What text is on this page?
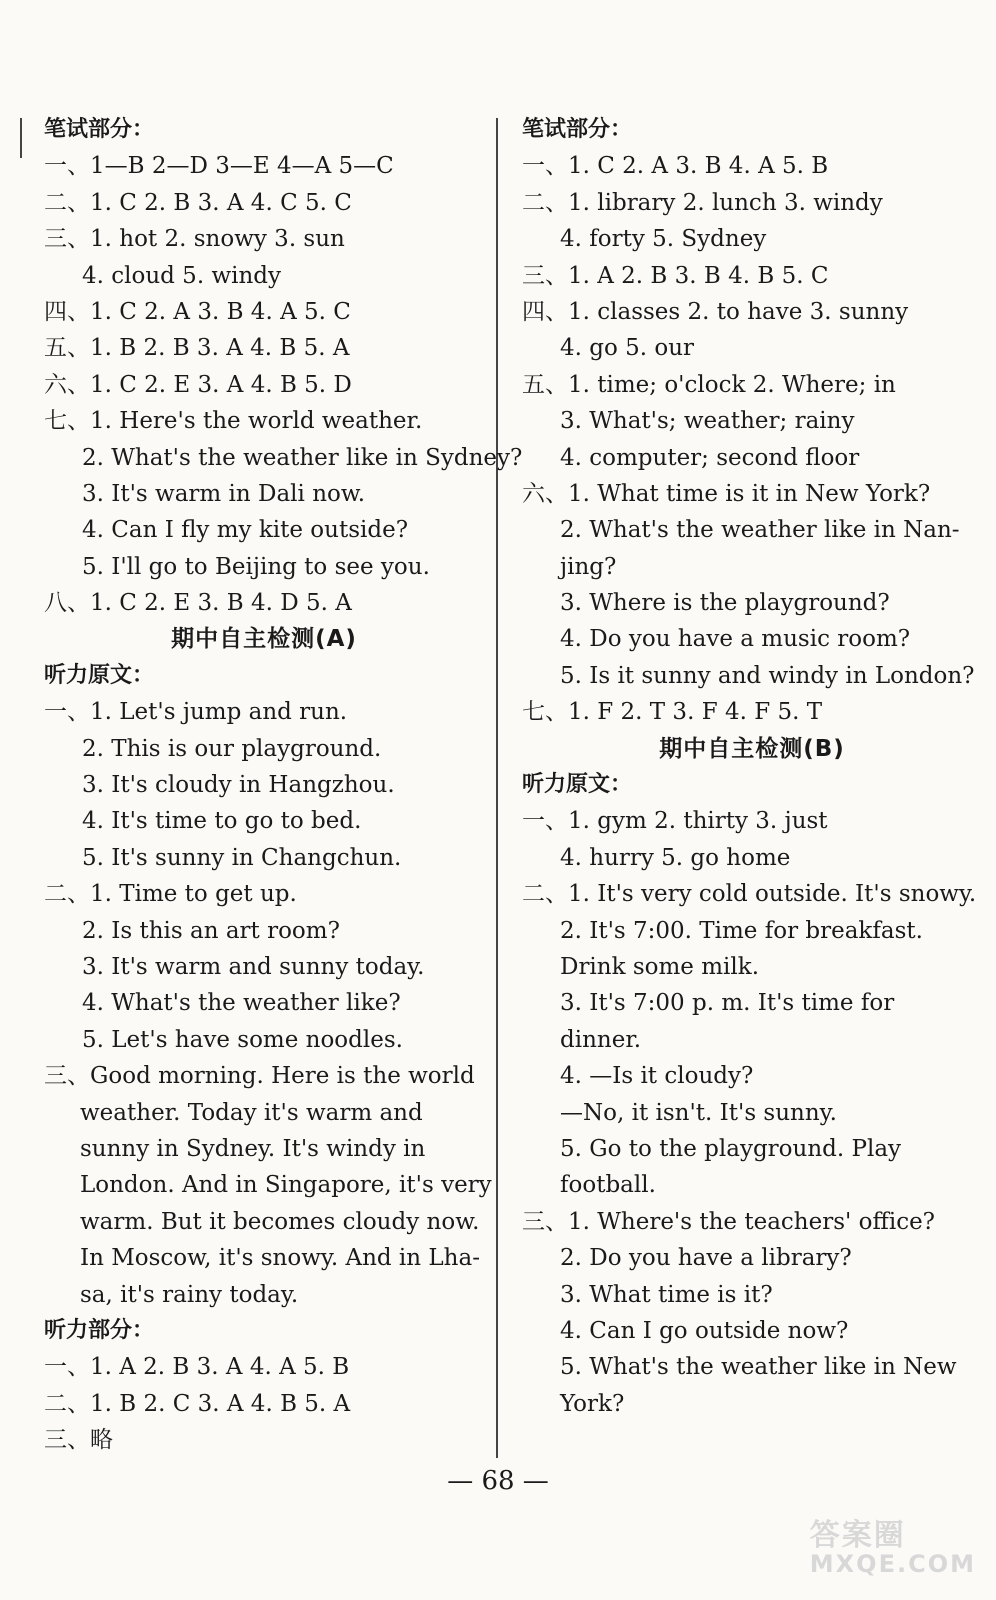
笔试部分：
一、1—B 2—D 3—E 4—A 5—C
二、1. C 2. B 3. A 4. C 5. C
三、1. hot 2. snowy 3. sun
4. cloud 5. windy
四、1. C 2. A 3. B 4. A 5. C
五、1. B 2. B 3. A 4. B 5. A
六、1. C 2. E 3. A 4. B 5. D
七、1. Here's the world weather.
2. What's the weather like in Sydney?
3. It's warm in Dali now.
4. Can I fly my kite outside?
5. I'll go to Beijing to see you.
八、1. C 2. E 3. B 4. D 5. A
期中自主检测(A)
听力原文：
一、1. Let's jump and run.
2. This is our playground.
3. It's cloudy in Hangzhou.
4. It's time to go to bed.
5. It's sunny in Changchun.
二、1. Time to get up.
2. Is this an art room?
3. It's warm and sunny today.
4. What's the weather like?
5. Let's have some noodles.
三、Good morning. Here is the world
weather. Today it's warm and
sunny in Sydney. It's windy in
London. And in Singapore, it's very
warm. But it becomes cloudy now.
In Moscow, it's snowy. And in Lha-
sa, it's rainy today.
听力部分：
一、1. A 2. B 3. A 4. A 5. B
二、1. B 2. C 3. A 4. B 5. A
三、略
笔试部分：
一、1. C 2. A 3. B 4. A 5. B
二、1. library 2. lunch 3. windy
4. forty 5. Sydney
三、1. A 2. B 3. B 4. B 5. C
四、1. classes 2. to have 3. sunny
4. go 5. our
五、1. time; o'clock 2. Where; in
3. What's; weather; rainy
4. computer; second floor
六、1. What time is it in New York?
2. What's the weather like in Nan-
jing?
3. Where is the playground?
4. Do you have a music room?
5. Is it sunny and windy in London?
七、1. F 2. T 3. F 4. F 5. T
期中自主检测(B)
听力原文：
一、1. gym 2. thirty 3. just
4. hurry 5. go home
二、1. It's very cold outside. It's snowy.
2. It's 7:00. Time for breakfast.
Drink some milk.
3. It's 7:00 p. m. It's time for
dinner.
4. —Is it cloudy?
—No, it isn't. It's sunny.
5. Go to the playground. Play
football.
三、1. Where's the teachers' office?
2. Do you have a library?
3. What time is it?
4. Can I go outside now?
5. What's the weather like in New
York?
— 68 —
答案圈
MXQE.COM
